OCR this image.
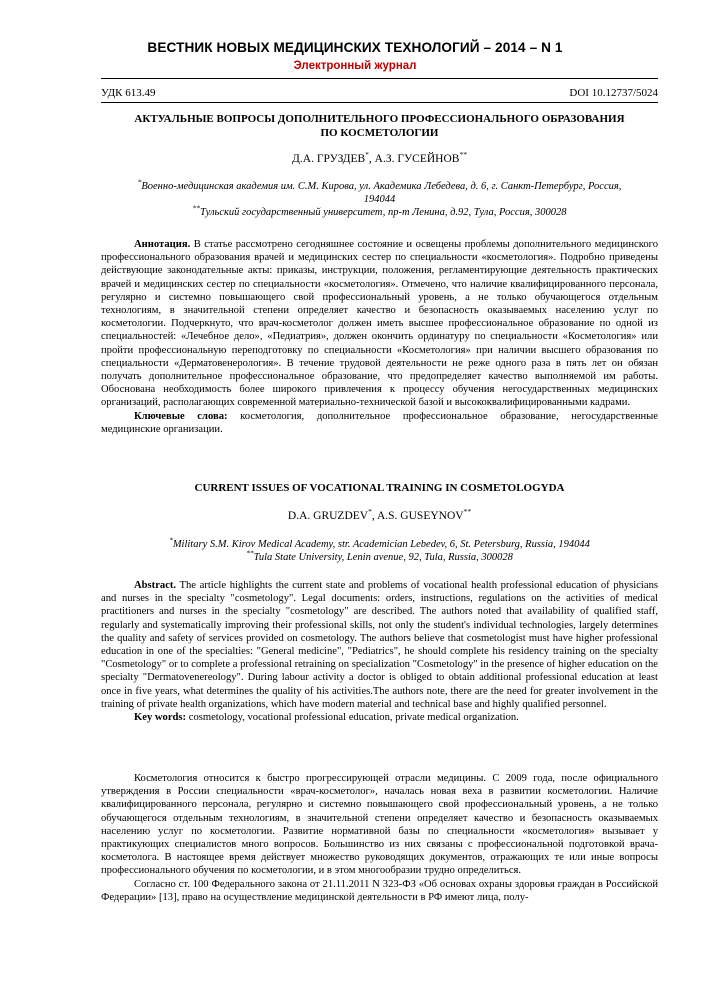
ВЕСТНИК НОВЫХ МЕДИЦИНСКИХ ТЕХНОЛОГИЙ – 2014 – N 1
Электронный журнал
УДК 613.49	DOI 10.12737/5024
АКТУАЛЬНЫЕ ВОПРОСЫ ДОПОЛНИТЕЛЬНОГО ПРОФЕССИОНАЛЬНОГО ОБРАЗОВАНИЯ
ПО КОСМЕТОЛОГИИ
Д.А. ГРУЗДЕВ*, А.З. ГУСЕЙНОВ**
*Военно-медицинская академия им. С.М. Кирова, ул. Академика Лебедева, д. 6, г. Санкт-Петербург, Россия,
194044
**Тульский государственный университет, пр-т Ленина, д.92, Тула, Россия, 300028

Аннотация. В статье рассмотрено сегодняшнее состояние и освещены проблемы дополнительного медицинского профессионального образования врачей и медицинских сестер по специальности «косметология». Подробно приведены действующие законодательные акты: приказы, инструкции, положения, регламентирующие деятельность практических врачей и медицинских сестер по специальности «косметология». Отмечено, что наличие квалифицированного персонала, регулярно и системно повышающего свой профессиональный уровень, а не только обучающегося отдельным технологиям, в значительной степени определяет качество и безопасность оказываемых населению услуг по косметологии. Подчеркнуто, что врач-косметолог должен иметь высшее профессиональное образование по одной из специальностей: «Лечебное дело», «Педиатрия», должен окончить ординатуру по специальности «Косметология» или пройти профессиональную переподготовку по специальности «Косметология» при наличии высшего образования по специальности «Дерматовенерология». В течение трудовой деятельности не реже одного раза в пять лет он обязан получать дополнительное профессиональное образование, что предопределяет качество выполняемой им работы. Обоснована необходимость более широкого привлечения к процессу обучения негосударственных медицинских организаций, располагающих современной материально-технической базой и высококвалифицированными кадрами.

Ключевые слова: косметология, дополнительное профессиональное образование, негосударственные медицинские организации.

CURRENT ISSUES OF VOCATIONAL TRAINING IN COSMETOLOGYDA
D.A. GRUZDEV*, A.S. GUSEYNOV**
*Military S.M. Kirov Medical Academy, str. Academician Lebedev, 6, St. Petersburg, Russia, 194044
**Tula State University, Lenin avenue, 92, Tula, Russia, 300028

Abstract. The article highlights the current state and problems of vocational health professional education of physicians and nurses in the specialty "cosmetology". Legal documents: orders, instructions, regulations on the activities of medical practitioners and nurses in the specialty "cosmetology" are described. The authors noted that availability of qualified staff, regularly and systematically improving their professional skills, not only the student's individual technologies, largely determines the quality and safety of services provided on cosmetology. The authors believe that cosmetologist must have higher professional education in one of the specialties: "General medicine", "Pediatrics", he should complete his residency training on the specialty "Cosmetology" or to complete a professional retraining on specialization "Cosmetology" in the presence of higher education on the specialty "Dermatovenereology". During labour activity a doctor is obliged to obtain additional professional education at least once in five years, what determines the quality of his activities.The authors note, there are the need for greater involvement in the training of private health organizations, which have modern material and technical base and highly qualified personnel.

Key words: cosmetology, vocational professional education, private medical organization.

Косметология относится к быстро прогрессирующей отрасли медицины. С 2009 года, после официального утверждения в России специальности «врач-косметолог», началась новая веха в развитии косметологии. Наличие квалифицированного персонала, регулярно и системно повышающего свой профессиональный уровень, а не только обучающегося отдельным технологиям, в значительной степени определяет качество и безопасность оказываемых населению услуг по косметологии. Развитие нормативной базы по специальности «косметология» вызывает у практикующих специалистов много вопросов. Большинство из них связаны с профессиональной подготовкой врача-косметолога. В настоящее время действует множество руководящих документов, отражающих те или иные вопросы профессионального обучения по косметологии, и в этом многообразии трудно определиться.

Согласно ст. 100 Федерального закона от 21.11.2011 N 323-ФЗ «Об основах охраны здоровья граждан в Российской Федерации» [13], право на осуществление медицинской деятельности в РФ имеют лица, полу-
